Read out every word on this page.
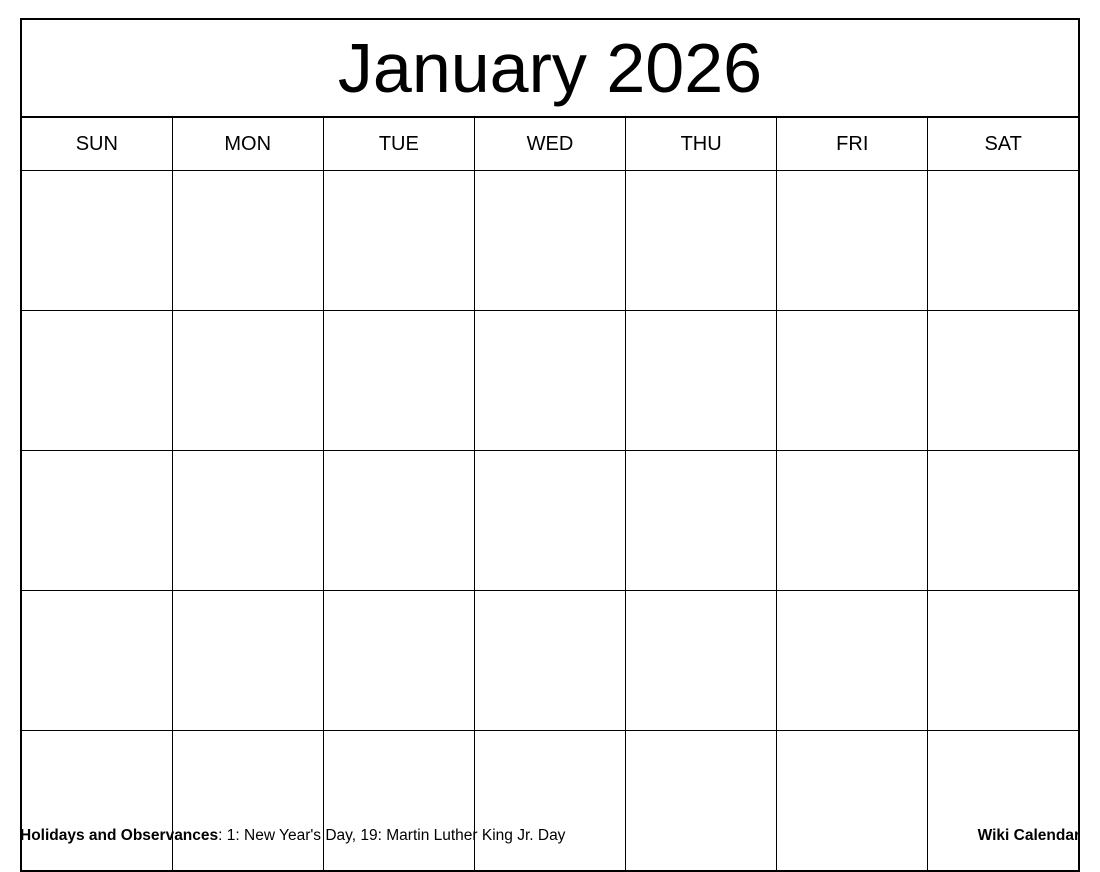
January 2026						

SUN	MON	TUE	WED	THU	FRI	SAT

Holidays and Observances: 1: New Year's Day, 19: Martin Luther King Jr. Day	Wiki Calendar
